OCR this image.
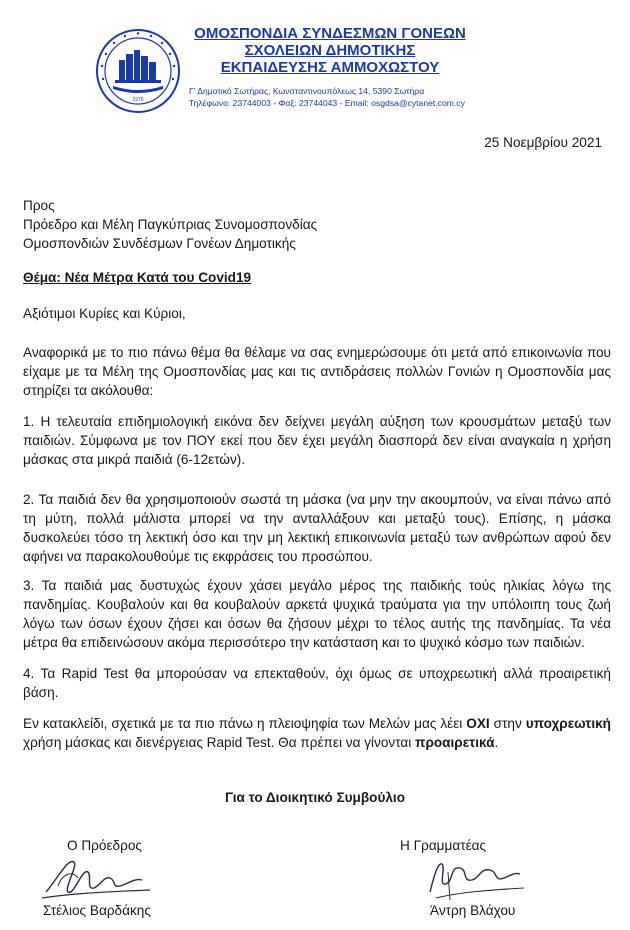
1976
ΟΜΟΣΠΟΝΔΙΑ ΣΥΝΔΕΣΜΩΝ ΓΟΝΕΩΝ
ΣΧΟΛΕΙΩΝ ΔΗΜΟΤΙΚΗΣ
ΕΚΠΑΙΔΕΥΣΗΣ ΑΜΜΟΧΩΣΤΟΥ
Γ' Δημοτικό Σωτήρας, Κωνσταντινουπόλεως 14, 5390 Σωτήρα
Τηλέφωνο: 23744003 - Φαξ: 23744043 - Email: osgdsa@cytanet.com.cy
25 Νοεμβρίου 2021
Προς
Πρόεδρο και Μέλη Παγκύπριας Συνομοσπονδίας
Ομοσπονδιών Συνδέσμων Γονέων Δημοτικής
Θέμα: Νέα Μέτρα Κατά του Covid19
Αξιότιμοι Κυρίες και Κύριοι,
Αναφορικά με το πιο πάνω θέμα θα θέλαμε να σας ενημερώσουμε ότι μετά από επικοινωνία που είχαμε με τα Μέλη της Ομοσπονδίας μας και τις αντιδράσεις πολλών Γονιών η Ομοσπονδία μας στηρίζει τα ακόλουθα:
1. Η τελευταία επιδημιολογική εικόνα δεν δείχνει μεγάλη αύξηση των κρουσμάτων μεταξύ των παιδιών. Σύμφωνα με τον ΠΟΥ εκεί που δεν έχει μεγάλη διασπορά δεν είναι αναγκαία η χρήση μάσκας στα μικρά παιδιά (6-12ετών).
2. Τα παιδιά δεν θα χρησιμοποιούν σωστά τη μάσκα (να μην την ακουμπούν, να είναι πάνω από τη μύτη, πολλά μάλιστα μπορεί να την ανταλλάξουν και μεταξύ τους). Επίσης, η μάσκα δυσκολεύει τόσο τη λεκτική όσο και την μη λεκτική επικοινωνία μεταξύ των ανθρώπων αφού δεν αφήνει να παρακολουθούμε τις εκφράσεις του προσώπου.
3. Τα παιδιά μας δυστυχώς έχουν χάσει μεγάλο μέρος της παιδικής τούς ηλικίας λόγω της πανδημίας. Κουβαλούν και θα κουβαλούν αρκετά ψυχικά τραύματα για την υπόλοιπη τους ζωή λόγω των όσων έχουν ζήσει και όσων θα ζήσουν μέχρι το τέλος αυτής της πανδημίας. Τα νέα μέτρα θα επιδεινώσουν ακόμα περισσότερο την κατάσταση και το ψυχικό κόσμο των παιδιών.
4. Τα Rapid Test θα μπορούσαν να επεκταθούν, όχι όμως σε υποχρεωτική αλλά προαιρετική βάση.
Εν κατακλείδι, σχετικά με τα πιο πάνω η πλειοψηφία των Μελών μας λέει ΟΧΙ στην υποχρεωτική χρήση μάσκας και διενέργειας Rapid Test. Θα πρέπει να γίνονται προαιρετικά.
Για το Διοικητικό Συμβούλιο
Ο Πρόεδρος	Η Γραμματέας
Στέλιος Βαρδάκης	Άντρη Βλάχου
